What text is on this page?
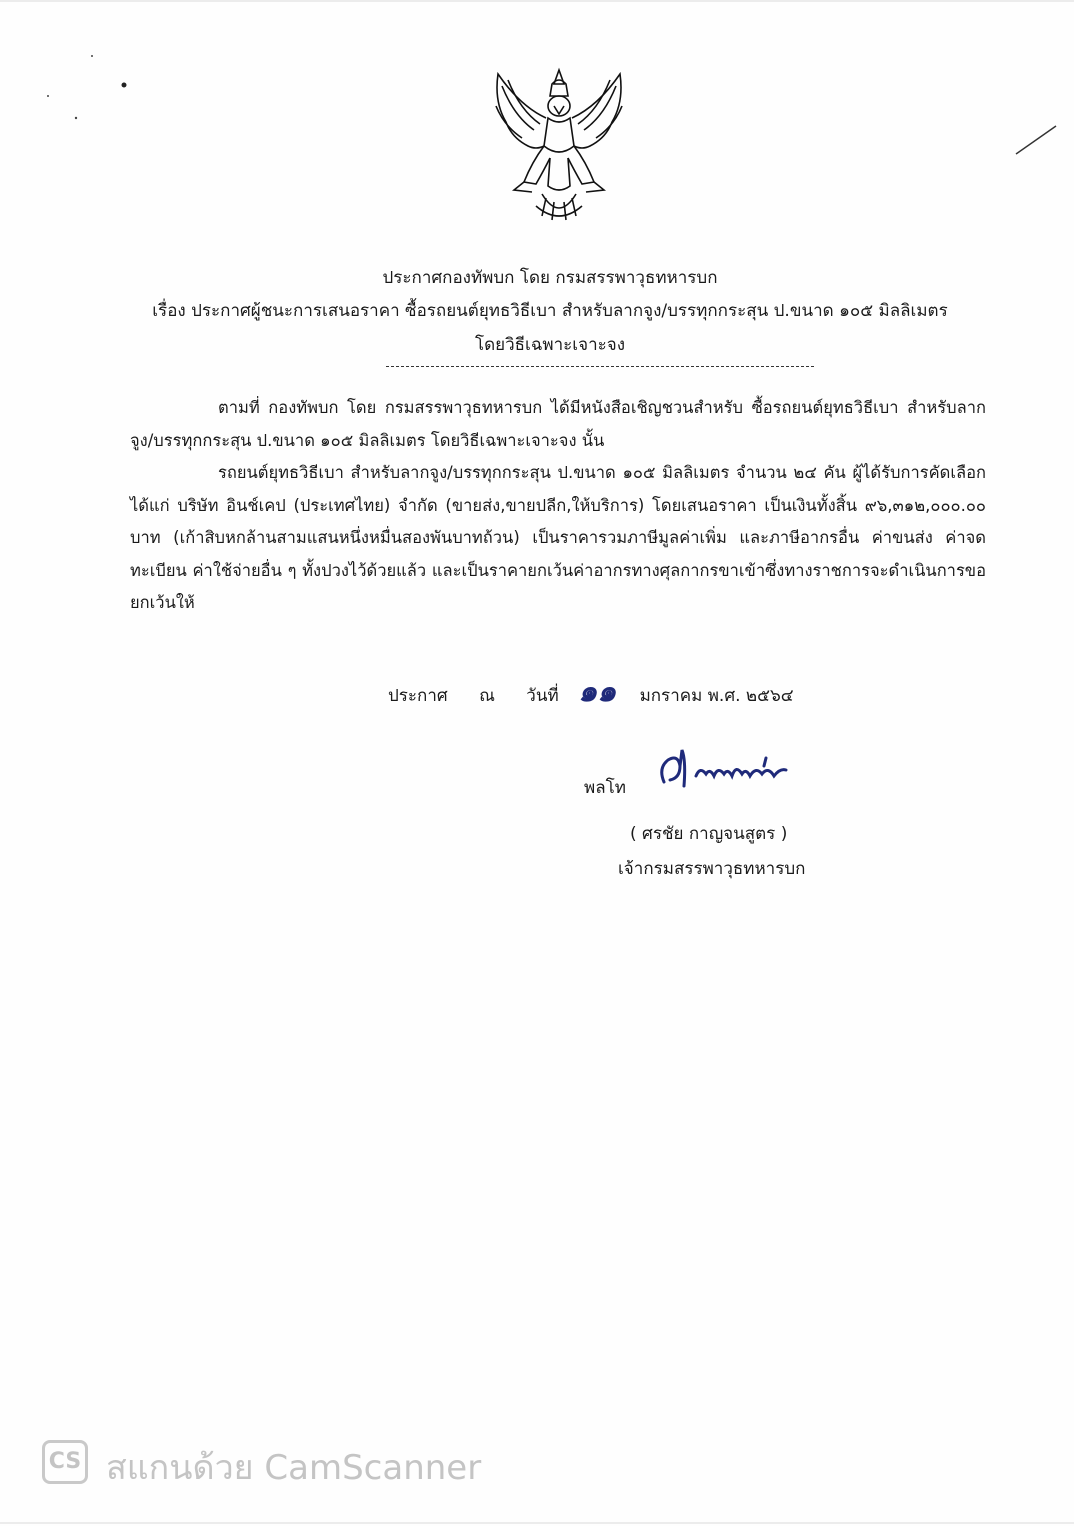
ประกาศกองทัพบก โดย กรมสรรพาวุธทหารบก
เรื่อง ประกาศผู้ชนะการเสนอราคา ซื้อรถยนต์ยุทธวิธีเบา สำหรับลากจูง/บรรทุกกระสุน ป.ขนาด ๑๐๕ มิลลิเมตร
โดยวิธีเฉพาะเจาะจง
ตามที่ กองทัพบก โดย กรมสรรพาวุธทหารบก ได้มีหนังสือเชิญชวนสำหรับ ซื้อรถยนต์ยุทธวิธีเบา สำหรับลากจูง/บรรทุกกระสุน ป.ขนาด ๑๐๕ มิลลิเมตร โดยวิธีเฉพาะเจาะจง นั้น
รถยนต์ยุทธวิธีเบา สำหรับลากจูง/บรรทุกกระสุน ป.ขนาด ๑๐๕ มิลลิเมตร จำนวน ๒๔ คัน ผู้ได้รับการคัดเลือก ได้แก่ บริษัท อินช์เคป (ประเทศไทย) จำกัด (ขายส่ง,ขายปลีก,ให้บริการ) โดยเสนอราคา เป็นเงินทั้งสิ้น ๙๖,๓๑๒,๐๐๐.๐๐ บาท (เก้าสิบหกล้านสามแสนหนึ่งหมื่นสองพันบาทถ้วน) เป็นราคารวมภาษีมูลค่าเพิ่ม และภาษีอากรอื่น ค่าขนส่ง ค่าจดทะเบียน ค่าใช้จ่ายอื่น ๆ ทั้งปวงไว้ด้วยแล้ว และเป็นราคายกเว้นค่าอากรทางศุลกากรขาเข้าซึ่งทางราชการจะดำเนินการขอยกเว้นให้
ประกาศ ณ วันที่ ๑๑ มกราคม พ.ศ. ๒๕๖๔
พลโท
( ศรชัย กาญจนสูตร )
เจ้ากรมสรรพาวุธทหารบก
CS สแกนด้วย CamScanner
